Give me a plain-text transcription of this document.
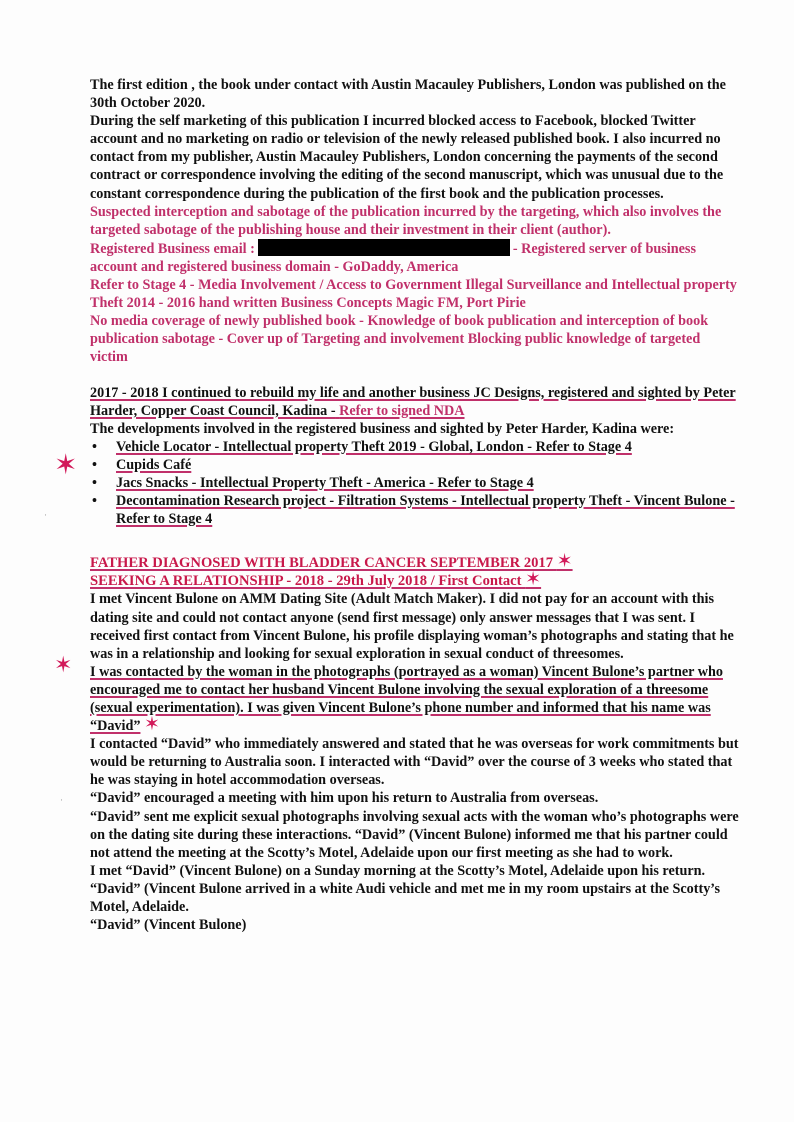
✶
✶
·
·

The first edition , the book under contact with Austin Macauley Publishers, London was published on the 30th October 2020.

During the self marketing of this publication I incurred blocked access to Facebook, blocked Twitter account and no marketing on radio or television of the newly released published book. I also incurred no contact from my publisher, Austin Macauley Publishers, London concerning the payments of the second contract or correspondence involving the editing of the second manuscript, which was unusual due to the constant correspondence during the publication of the first book and the publication processes.

Suspected interception and sabotage of the publication incurred by the targeting, which also involves the targeted sabotage of the publishing house and their investment in their client (author).

Registered Business email :	- Registered server of business account and registered business domain - GoDaddy, America

Refer to Stage 4 - Media Involvement / Access to Government Illegal Surveillance and Intellectual property Theft 2014 - 2016 hand written Business Concepts Magic FM, Port Pirie

No media coverage of newly published book - Knowledge of book publication and interception of book publication sabotage - Cover up of Targeting and involvement Blocking public knowledge of targeted victim

2017 - 2018 I continued to rebuild my life and another business JC Designs, registered and sighted by Peter Harder, Copper Coast Council, Kadina - Refer to signed NDA

The developments involved in the registered business and sighted by Peter Harder, Kadina were:

• Vehicle Locator - Intellectual property Theft 2019 - Global, London - Refer to Stage 4
• Cupids Café
• Jacs Snacks - Intellectual Property Theft - America - Refer to Stage 4
• Decontamination Research project - Filtration Systems - Intellectual property Theft - Vincent Bulone - Refer to Stage 4

FATHER DIAGNOSED WITH BLADDER CANCER SEPTEMBER 2017 ✶

SEEKING A RELATIONSHIP - 2018 - 29th July 2018 / First Contact ✶

I met Vincent Bulone on AMM Dating Site (Adult Match Maker). I did not pay for an account with this dating site and could not contact anyone (send first message) only answer messages that I was sent. I received first contact from Vincent Bulone, his profile displaying woman’s photographs and stating that he was in a relationship and looking for sexual exploration in sexual conduct of threesomes.

I was contacted by the woman in the photographs (portrayed as a woman) Vincent Bulone’s partner who encouraged me to contact her husband Vincent Bulone involving the sexual exploration of a threesome (sexual experimentation). I was given Vincent Bulone’s phone number and informed that his name was “David” ✶

I contacted “David” who immediately answered and stated that he was overseas for work commitments but would be returning to Australia soon. I interacted with “David” over the course of 3 weeks who stated that he was staying in hotel accommodation overseas.

“David” encouraged a meeting with him upon his return to Australia from overseas.

“David” sent me explicit sexual photographs involving sexual acts with the woman who’s photographs were on the dating site during these interactions. “David” (Vincent Bulone) informed me that his partner could not attend the meeting at the Scotty’s Motel, Adelaide upon our first meeting as she had to work.

I met “David” (Vincent Bulone) on a Sunday morning at the Scotty’s Motel, Adelaide upon his return. “David” (Vincent Bulone arrived in a white Audi vehicle and met me in my room upstairs at the Scotty’s Motel, Adelaide.

“David” (Vincent Bulone)
